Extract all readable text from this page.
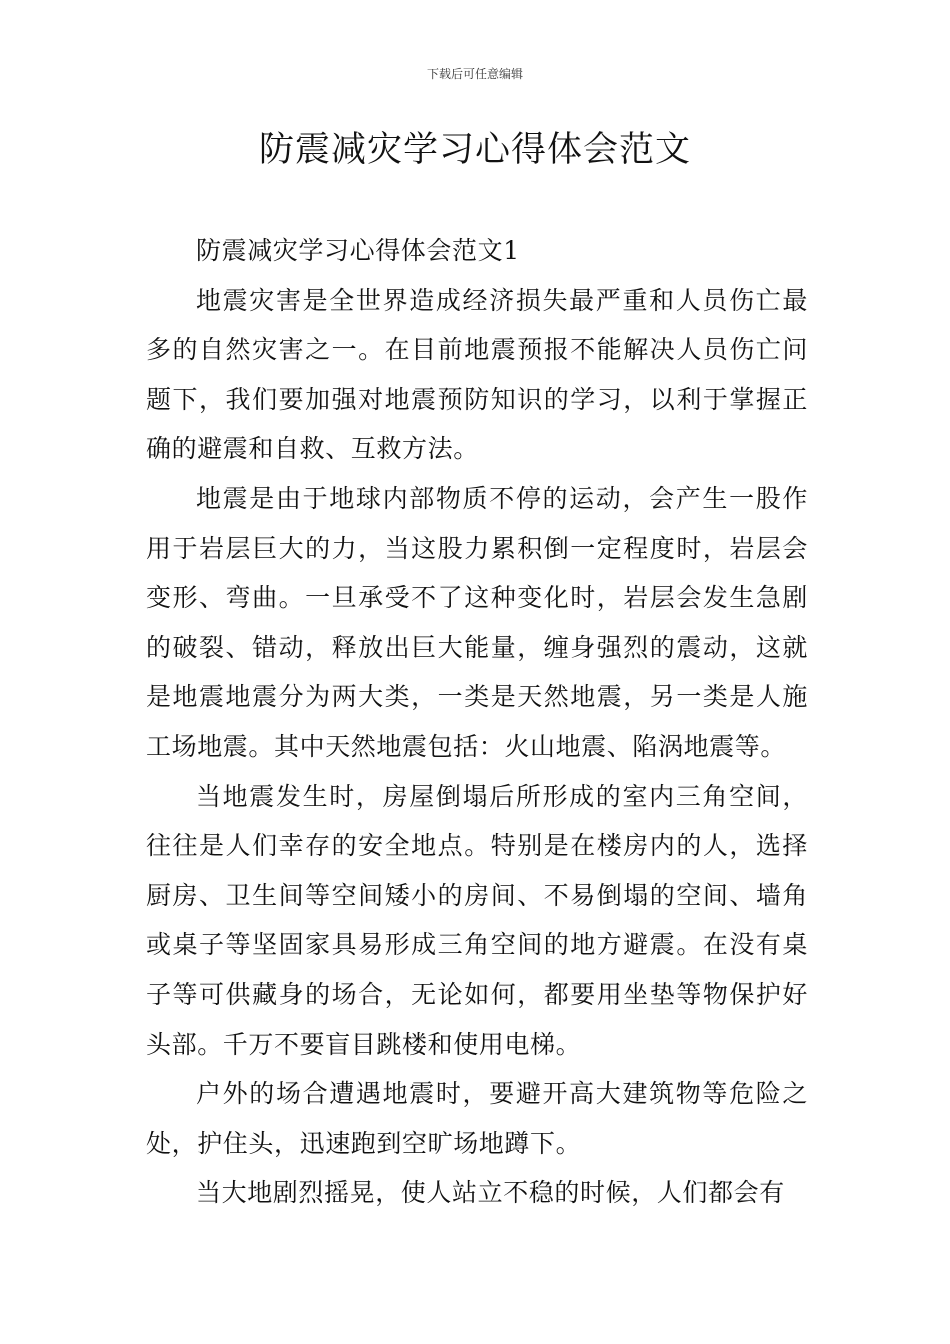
下载后可任意编辑
防震减灾学习心得体会范文

防震减灾学习心得体会范文1

地震灾害是全世界造成经济损失最严重和人员伤亡最多的自然灾害之一。在目前地震预报不能解决人员伤亡问题下，我们要加强对地震预防知识的学习，以利于掌握正确的避震和自救、互救方法。

地震是由于地球内部物质不停的运动，会产生一股作用于岩层巨大的力，当这股力累积倒一定程度时，岩层会变形、弯曲。一旦承受不了这种变化时，岩层会发生急剧的破裂、错动，释放出巨大能量，缠身强烈的震动，这就是地震地震分为两大类，一类是天然地震，另一类是人施工场地震。其中天然地震包括：火山地震、陷涡地震等。

当地震发生时，房屋倒塌后所形成的室内三角空间，往往是人们幸存的安全地点。特别是在楼房内的人，选择厨房、卫生间等空间矮小的房间、不易倒塌的空间、墙角或桌子等坚固家具易形成三角空间的地方避震。在没有桌子等可供藏身的场合，无论如何，都要用坐垫等物保护好头部。千万不要盲目跳楼和使用电梯。

户外的场合遭遇地震时，要避开高大建筑物等危险之处，护住头，迅速跑到空旷场地蹲下。

当大地剧烈摇晃，使人站立不稳的时候，人们都会有
